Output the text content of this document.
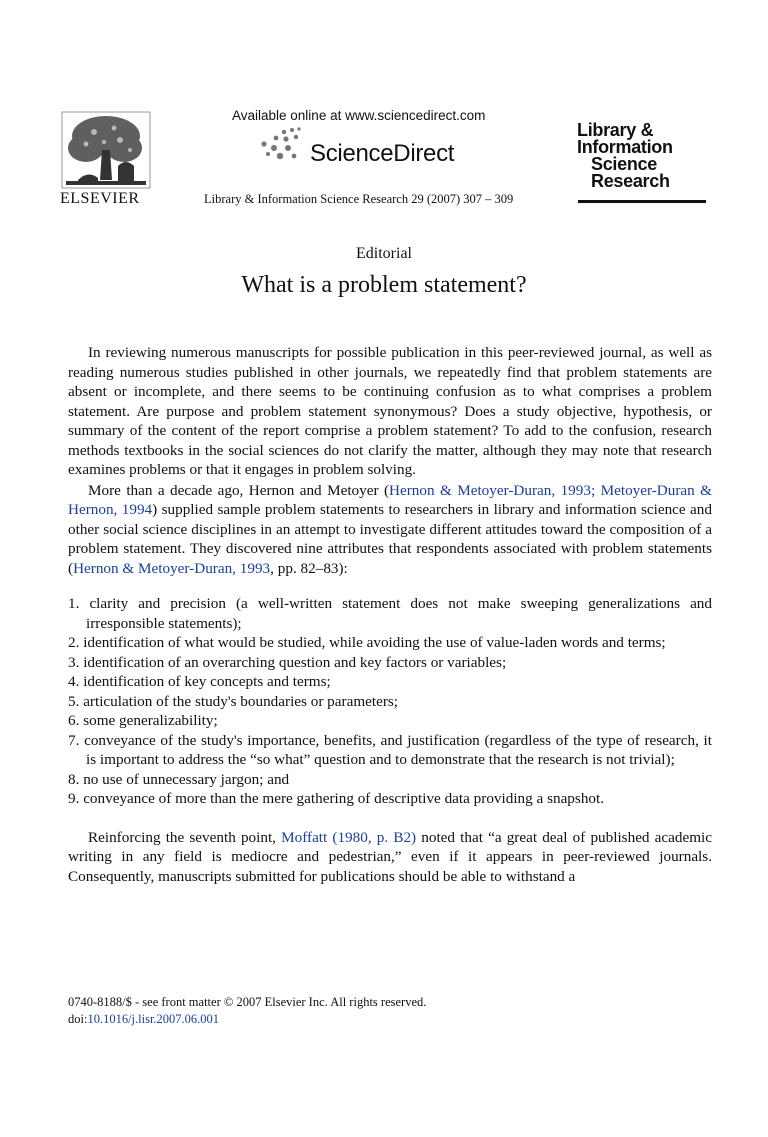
ELSEVIER
Available online at www.sciencedirect.com
ScienceDirect
Library & Information Science Research 29 (2007) 307 – 309
Library &
Information
Science
Research
Editorial
What is a problem statement?

In reviewing numerous manuscripts for possible publication in this peer-reviewed journal, as well as reading numerous studies published in other journals, we repeatedly find that problem statements are absent or incomplete, and there seems to be continuing confusion as to what comprises a problem statement. Are purpose and problem statement synonymous? Does a study objective, hypothesis, or summary of the content of the report comprise a problem statement? To add to the confusion, research methods textbooks in the social sciences do not clarify the matter, although they may note that research examines problems or that it engages in problem solving.

More than a decade ago, Hernon and Metoyer (Hernon & Metoyer-Duran, 1993; Metoyer-Duran & Hernon, 1994) supplied sample problem statements to researchers in library and information science and other social science disciplines in an attempt to investigate different attitudes toward the composition of a problem statement. They discovered nine attributes that respondents associated with problem statements (Hernon & Metoyer-Duran, 1993, pp. 82–83):

1. clarity and precision (a well-written statement does not make sweeping generalizations and irresponsible statements);
2. identification of what would be studied, while avoiding the use of value-laden words and terms;
3. identification of an overarching question and key factors or variables;
4. identification of key concepts and terms;
5. articulation of the study's boundaries or parameters;
6. some generalizability;
7. conveyance of the study's importance, benefits, and justification (regardless of the type of research, it is important to address the “so what” question and to demonstrate that the research is not trivial);
8. no use of unnecessary jargon; and
9. conveyance of more than the mere gathering of descriptive data providing a snapshot.

Reinforcing the seventh point, Moffatt (1980, p. B2) noted that “a great deal of published academic writing in any field is mediocre and pedestrian,” even if it appears in peer-reviewed journals. Consequently, manuscripts submitted for publications should be able to withstand a

0740-8188/$ - see front matter © 2007 Elsevier Inc. All rights reserved.
doi:10.1016/j.lisr.2007.06.001
